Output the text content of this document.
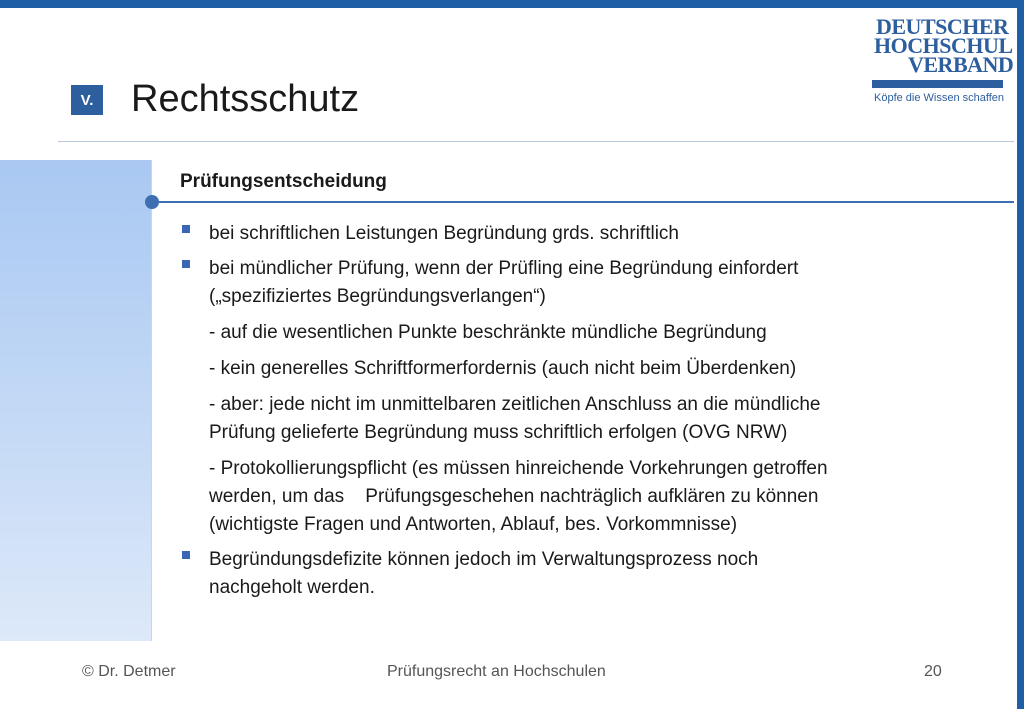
V. Rechtsschutz
DEUTSCHER
HOCHSCHUL
VERBAND
Köpfe die Wissen schaffen
Prüfungsentscheidung
bei schriftlichen Leistungen Begründung grds. schriftlich
bei mündlicher Prüfung, wenn der Prüfling eine Begründung einfordert
(„spezifiziertes Begründungsverlangen“)
- auf die wesentlichen Punkte beschränkte mündliche Begründung
- kein generelles Schriftformerfordernis (auch nicht beim Überdenken)
- aber: jede nicht im unmittelbaren zeitlichen Anschluss an die mündliche
Prüfung gelieferte Begründung muss schriftlich erfolgen (OVG NRW)
- Protokollierungspflicht (es müssen hinreichende Vorkehrungen getroffen
werden, um das    Prüfungsgeschehen nachträglich aufklären zu können
(wichtigste Fragen und Antworten, Ablauf, bes. Vorkommnisse)
Begründungsdefizite können jedoch im Verwaltungsprozess noch
nachgeholt werden.
© Dr. Detmer	Prüfungsrecht an Hochschulen	20
